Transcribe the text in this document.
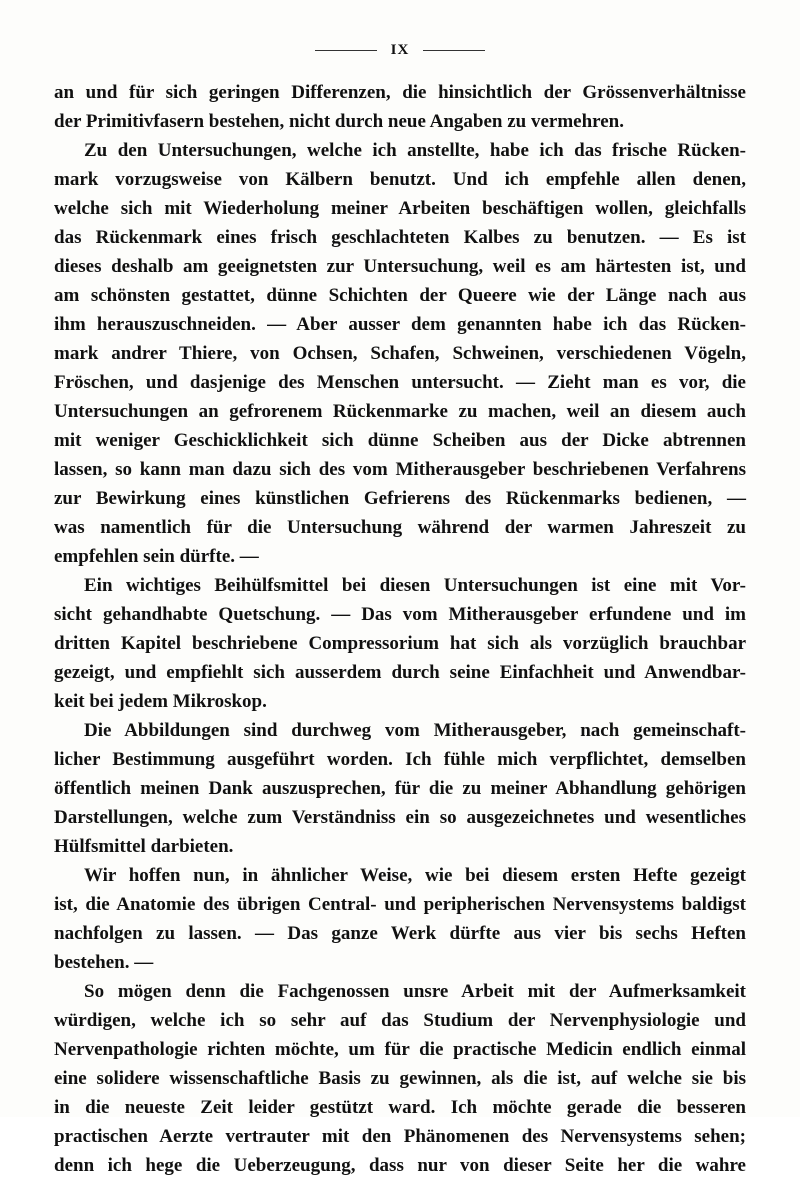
IX
an und für sich geringen Differenzen, die hinsichtlich der Grössenverhältnisse
der Primitivfasern bestehen, nicht durch neue Angaben zu vermehren.
Zu den Untersuchungen, welche ich anstellte, habe ich das frische Rücken-
mark vorzugsweise von Kälbern benutzt. Und ich empfehle allen denen,
welche sich mit Wiederholung meiner Arbeiten beschäftigen wollen, gleichfalls
das Rückenmark eines frisch geschlachteten Kalbes zu benutzen. — Es ist
dieses deshalb am geeignetsten zur Untersuchung, weil es am härtesten ist, und
am schönsten gestattet, dünne Schichten der Queere wie der Länge nach aus
ihm herauszuschneiden. — Aber ausser dem genannten habe ich das Rücken-
mark andrer Thiere, von Ochsen, Schafen, Schweinen, verschiedenen Vögeln,
Fröschen, und dasjenige des Menschen untersucht. — Zieht man es vor, die
Untersuchungen an gefrorenem Rückenmarke zu machen, weil an diesem auch
mit weniger Geschicklichkeit sich dünne Scheiben aus der Dicke abtrennen
lassen, so kann man dazu sich des vom Mitherausgeber beschriebenen Verfahrens
zur Bewirkung eines künstlichen Gefrierens des Rückenmarks bedienen, —
was namentlich für die Untersuchung während der warmen Jahreszeit zu
empfehlen sein dürfte. —
Ein wichtiges Beihülfsmittel bei diesen Untersuchungen ist eine mit Vor-
sicht gehandhabte Quetschung. — Das vom Mitherausgeber erfundene und im
dritten Kapitel beschriebene Compressorium hat sich als vorzüglich brauchbar
gezeigt, und empfiehlt sich ausserdem durch seine Einfachheit und Anwendbar-
keit bei jedem Mikroskop.
Die Abbildungen sind durchweg vom Mitherausgeber, nach gemeinschaft-
licher Bestimmung ausgeführt worden. Ich fühle mich verpflichtet, demselben
öffentlich meinen Dank auszusprechen, für die zu meiner Abhandlung gehörigen
Darstellungen, welche zum Verständniss ein so ausgezeichnetes und wesentliches
Hülfsmittel darbieten.
Wir hoffen nun, in ähnlicher Weise, wie bei diesem ersten Hefte gezeigt
ist, die Anatomie des übrigen Central- und peripherischen Nervensystems baldigst
nachfolgen zu lassen. — Das ganze Werk dürfte aus vier bis sechs Heften
bestehen. —
So mögen denn die Fachgenossen unsre Arbeit mit der Aufmerksamkeit
würdigen, welche ich so sehr auf das Studium der Nervenphysiologie und
Nervenpathologie richten möchte, um für die practische Medicin endlich einmal
eine solidere wissenschaftliche Basis zu gewinnen, als die ist, auf welche sie bis
in die neueste Zeit leider gestützt ward. Ich möchte gerade die besseren
practischen Aerzte vertrauter mit den Phänomenen des Nervensystems sehen;
denn ich hege die Ueberzeugung, dass nur von dieser Seite her die wahre
